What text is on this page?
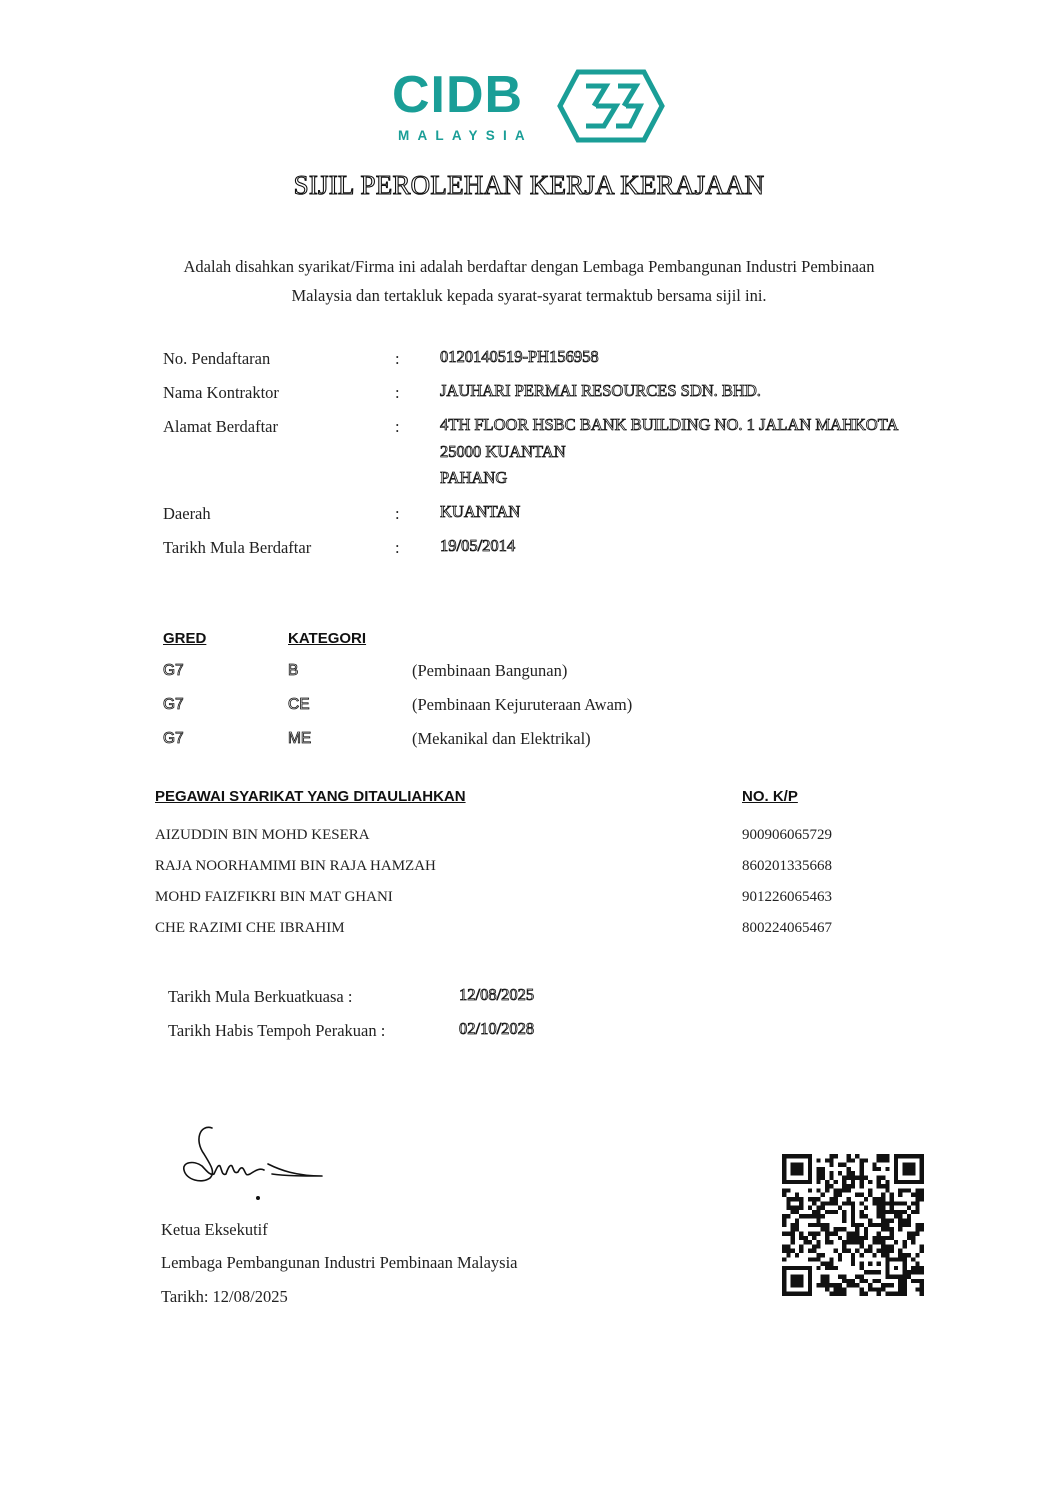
CIDB
MALAYSIA
SIJIL PEROLEHAN KERJA KERAJAAN
Adalah disahkan syarikat/Firma ini adalah berdaftar dengan Lembaga Pembangunan Industri Pembinaan
Malaysia dan tertakluk kepada syarat-syarat termaktub bersama sijil ini.
No. Pendaftaran	: 0120140519-PH156958
Nama Kontraktor	: JAUHARI PERMAI RESOURCES SDN. BHD.
Alamat Berdaftar	: 4TH FLOOR HSBC BANK BUILDING NO. 1 JALAN MAHKOTA
25000 KUANTAN
PAHANG
Daerah	: KUANTAN
Tarikh Mula Berdaftar	: 19/05/2014
GRED	KATEGORI
G7	B	(Pembinaan Bangunan)
G7	CE	(Pembinaan Kejuruteraan Awam)
G7	ME	(Mekanikal dan Elektrikal)
PEGAWAI SYARIKAT YANG DITAULIAHKAN	NO. K/P
AIZUDDIN BIN MOHD KESERA	900906065729
RAJA NOORHAMIMI BIN RAJA HAMZAH	860201335668
MOHD FAIZFIKRI BIN MAT GHANI	901226065463
CHE RAZIMI CHE IBRAHIM	800224065467
Tarikh Mula Berkuatkuasa :	12/08/2025
Tarikh Habis Tempoh Perakuan :	02/10/2028
Ketua Eksekutif
Lembaga Pembangunan Industri Pembinaan Malaysia
Tarikh: 12/08/2025
